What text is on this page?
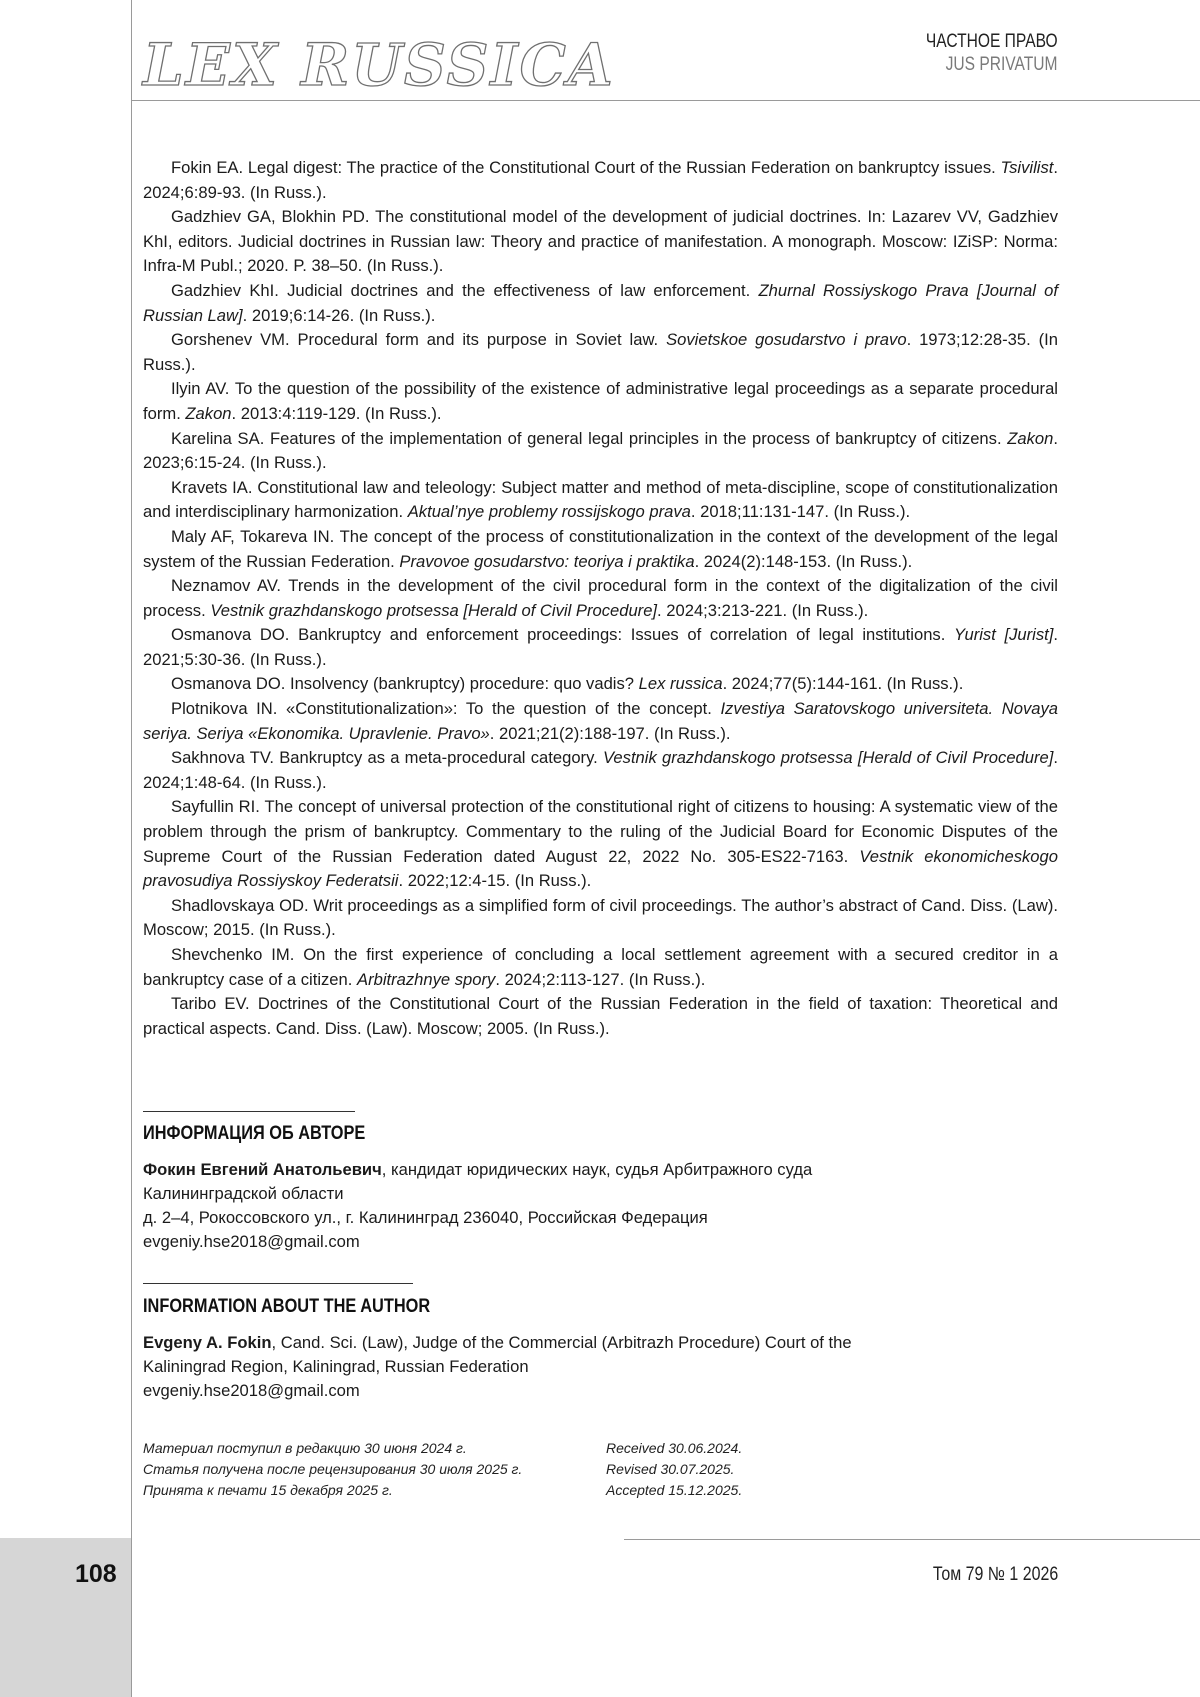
108
LEX RUSSICA	ЧАСТНОЕ ПРАВО
JUS PRIVATUM

Fokin EA. Legal digest: The practice of the Constitutional Court of the Russian Federation on bankruptcy issues. Tsivilist. 2024;6:89-93. (In Russ.).

Gadzhiev GA, Blokhin PD. The constitutional model of the development of judicial doctrines. In: Lazarev VV, Gadzhiev KhI, editors. Judicial doctrines in Russian law: Theory and practice of manifestation. A monograph. Moscow: IZiSP: Norma: Infra-M Publ.; 2020. P. 38–50. (In Russ.).

Gadzhiev KhI. Judicial doctrines and the effectiveness of law enforcement. Zhurnal Rossiyskogo Prava [Journal of Russian Law]. 2019;6:14-26. (In Russ.).

Gorshenev VM. Procedural form and its purpose in Soviet law. Sovietskoe gosudarstvo i pravo. 1973;12:28-35. (In Russ.).

Ilyin AV. To the question of the possibility of the existence of administrative legal proceedings as a separate procedural form. Zakon. 2013:4:119-129. (In Russ.).

Karelina SA. Features of the implementation of general legal principles in the process of bankruptcy of citizens. Zakon. 2023;6:15-24. (In Russ.).

Kravets IA. Constitutional law and teleology: Subject matter and method of meta-discipline, scope of constitutionalization and interdisciplinary harmonization. Aktual’nye problemy rossijskogo prava. 2018;11:131-147. (In Russ.).

Maly AF, Tokareva IN. The concept of the process of constitutionalization in the context of the development of the legal system of the Russian Federation. Pravovoe gosudarstvo: teoriya i praktika. 2024(2):148-153. (In Russ.).

Neznamov AV. Trends in the development of the civil procedural form in the context of the digitalization of the civil process. Vestnik grazhdanskogo protsessa [Herald of Civil Procedure]. 2024;3:213-221. (In Russ.).

Osmanova DO. Bankruptcy and enforcement proceedings: Issues of correlation of legal institutions. Yurist [Jurist]. 2021;5:30-36. (In Russ.).

Osmanova DO. Insolvency (bankruptcy) procedure: quo vadis? Lex russica. 2024;77(5):144-161. (In Russ.).

Plotnikova IN. «Constitutionalization»: To the question of the concept. Izvestiya Saratovskogo universiteta. Novaya seriya. Seriya «Ekonomika. Upravlenie. Pravo». 2021;21(2):188-197. (In Russ.).

Sakhnova TV. Bankruptcy as a meta-procedural category. Vestnik grazhdanskogo protsessa [Herald of Civil Procedure]. 2024;1:48-64. (In Russ.).

Sayfullin RI. The concept of universal protection of the constitutional right of citizens to housing: A systematic view of the problem through the prism of bankruptcy. Commentary to the ruling of the Judicial Board for Economic Disputes of the Supreme Court of the Russian Federation dated August 22, 2022 No. 305-ES22-7163. Vestnik ekonomicheskogo pravosudiya Rossiyskoy Federatsii. 2022;12:4-15. (In Russ.).

Shadlovskaya OD. Writ proceedings as a simplified form of civil proceedings. The author’s abstract of Cand. Diss. (Law). Moscow; 2015. (In Russ.).

Shevchenko IM. On the first experience of concluding a local settlement agreement with a secured creditor in a bankruptcy case of a citizen. Arbitrazhnye spory. 2024;2:113-127. (In Russ.).

Taribo EV. Doctrines of the Constitutional Court of the Russian Federation in the field of taxation: Theoretical and practical aspects. Cand. Diss. (Law). Moscow; 2005. (In Russ.).

ИНФОРМАЦИЯ ОБ АВТОРЕ

Фокин Евгений Анатольевич, кандидат юридических наук, судья Арбитражного суда Калининградской области

д. 2–4, Рокоссовского ул., г. Калининград 236040, Российская Федерация

evgeniy.hse2018@gmail.com

INFORMATION ABOUT THE AUTHOR

Evgeny A. Fokin, Cand. Sci. (Law), Judge of the Commercial (Arbitrazh Procedure) Court of the Kaliningrad Region, Kaliningrad, Russian Federation

evgeniy.hse2018@gmail.com

Материал поступил в редакцию 30 июня 2024 г.

Статья получена после рецензирования 30 июля 2025 г.

Принята к печати 15 декабря 2025 г.

Received 30.06.2024.

Revised 30.07.2025.

Accepted 15.12.2025.

Том 79 № 1 2026
